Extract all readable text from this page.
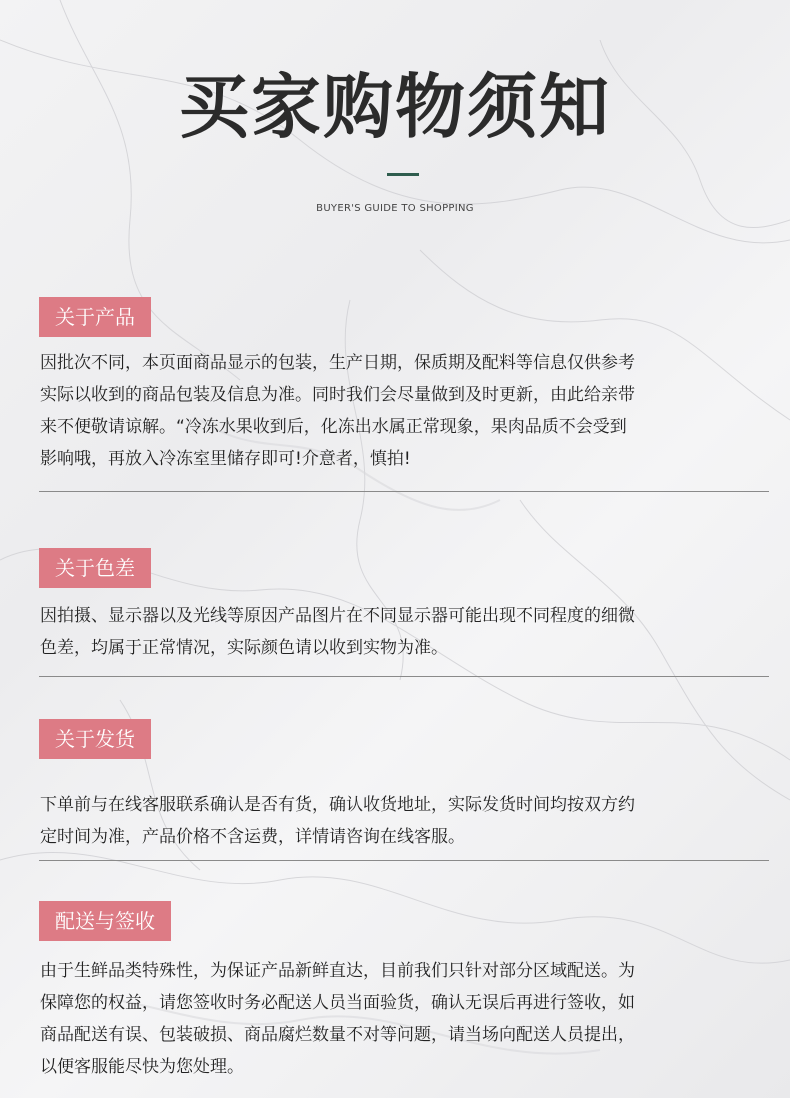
买家购物须知
BUYER'S GUIDE TO SHOPPING
关于产品
因批次不同，本页面商品显示的包装，生产日期，保质期及配料等信息仅供参考
实际以收到的商品包装及信息为准。同时我们会尽量做到及时更新，由此给亲带
来不便敬请谅解。“冷冻水果收到后，化冻出水属正常现象，果肉品质不会受到
影响哦，再放入冷冻室里储存即可!介意者，慎拍!
关于色差
因拍摄、显示器以及光线等原因产品图片在不同显示器可能出现不同程度的细微
色差，均属于正常情况，实际颜色请以收到实物为准。
关于发货
下单前与在线客服联系确认是否有货，确认收货地址，实际发货时间均按双方约
定时间为准，产品价格不含运费，详情请咨询在线客服。
配送与签收
由于生鲜品类特殊性，为保证产品新鲜直达，目前我们只针对部分区域配送。为
保障您的权益，请您签收时务必配送人员当面验货，确认无误后再进行签收，如
商品配送有误、包装破损、商品腐烂数量不对等问题，请当场向配送人员提出，
以便客服能尽快为您处理。
